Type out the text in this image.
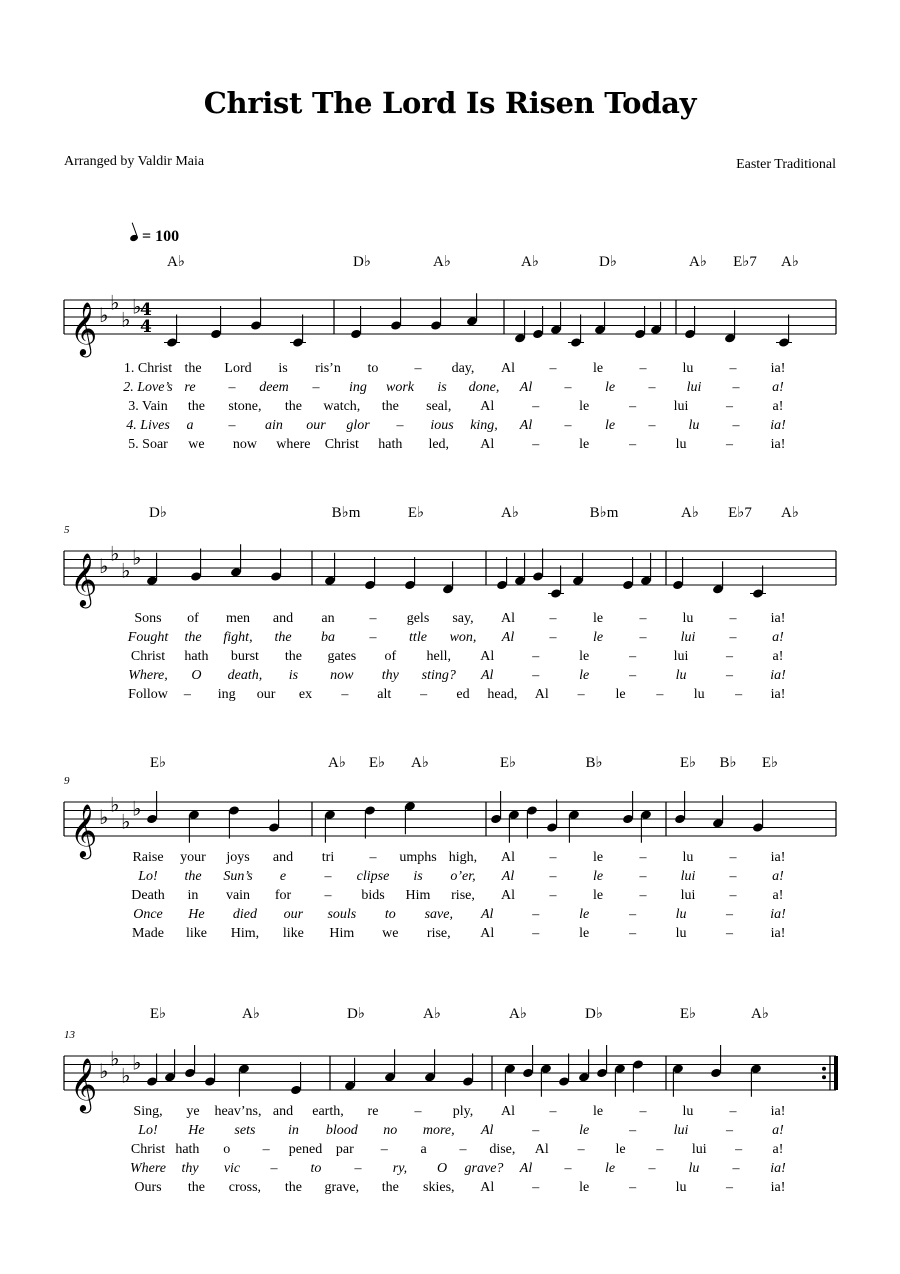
Christ The Lord Is Risen Today
Arranged by Valdir Maia	Easter Traditional
= 100
𝄞 ♭
♭
♭
♭
4
4
A♭	D♭	A♭	A♭	D♭	A♭ E♭7 A♭
1. Christ the Lord is ris’n to	– day, Al –	le	–	lu	– ia!
2. Love’s re – deem – ing work is done, Al – le – lui – a!
3. Vain the stone, the watch, the seal, Al	–	le	–	lui	–	a!
4. Lives a	– ain our glor – ious king, Al – le – lu – ia!
5. Soar we now where Christ hath led, Al	–	le	–	lu	–	ia!
𝄞 ♭
♭
♭
♭
5
D♭	B♭m	E♭	A♭	B♭m	A♭ E♭7 A♭
Sons of men and an – gels say, Al –	le	–	lu	– ia!
Fought the fight, the ba – ttle won, Al	–	le	– lui –	a!
Christ hath burst the gates of hell, Al	–	le	–	lui	–	a!
Where, O death, is now thy sting? Al	–	le	–	lu	–	ia!
Follow – ing our ex – alt – ed head, Al – le – lu – ia!
𝄞 ♭
♭
♭
♭
9
E♭	A♭ E♭ A♭	E♭	B♭	E♭ B♭ E♭
Raise your joys and tri	– umphs high, Al –	le	–	lu	– ia!
Lo! the Sun’s e	– clipse is o’er, Al	–	le	– lui –	a!
Death in vain for – bids Him rise, Al –	le	– lui –	a!
Once He died our souls to save, Al	–	le	–	lu	–	ia!
Made like Him, like Him we rise, Al	–	le	–	lu	–	ia!
𝄞 ♭
♭
♭
♭
13
E♭	A♭	D♭	A♭	A♭	D♭	E♭	A♭
Sing, ye heav’ns, and earth, re	– ply, Al –	le	–	lu	– ia!
Lo! He sets in blood no more, Al	–	le	–	lui	–	a!
Christ hath o – pened par – a – dise, Al – le – lui – a!
Where thy vic – to – ry, O grave? Al – le – lu – ia!
Ours the cross, the grave, the skies, Al	–	le	–	lu	–	ia!
